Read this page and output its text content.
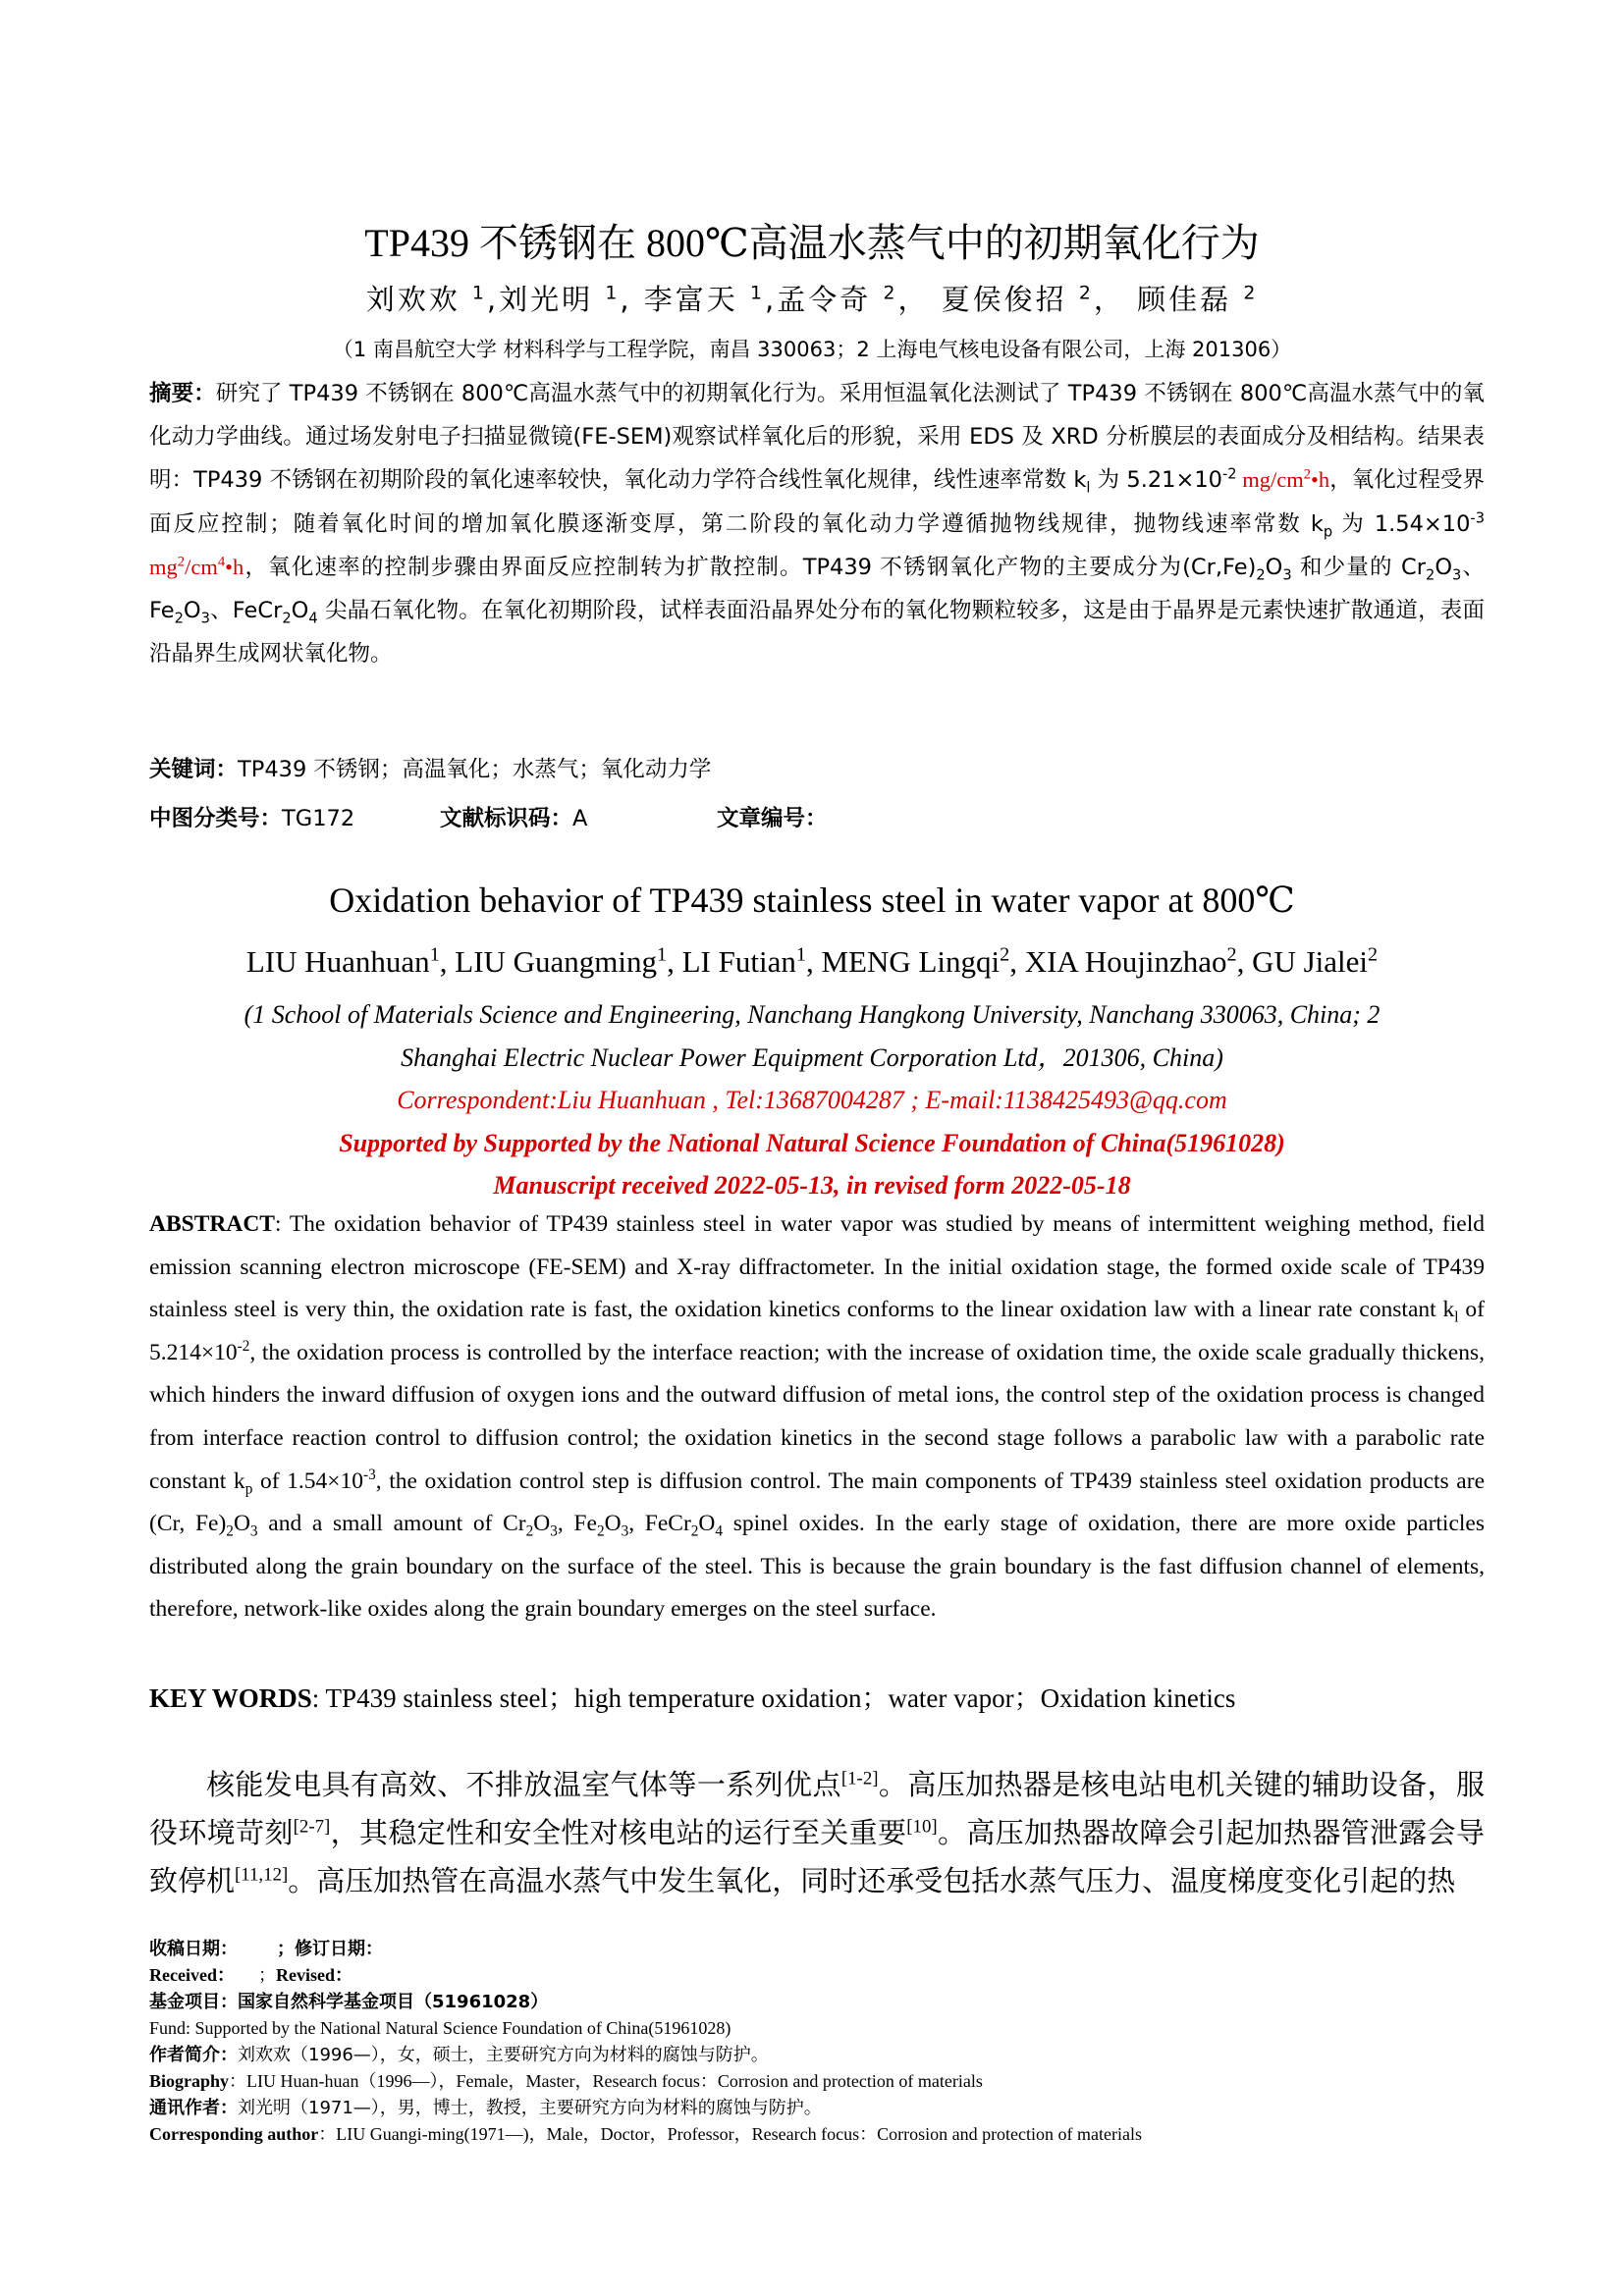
TP439 不锈钢在 800℃高温水蒸气中的初期氧化行为
刘欢欢 $^1$,刘光明 $^1$, 李富天 $^1$,孟令奇 $^2$， 夏侯俊招 $^2$， 顾佳磊 $^2$
（1 南昌航空大学 材料科学与工程学院，南昌 330063；2 上海电气核电设备有限公司，上海 201306）

摘要：研究了 TP439 不锈钢在 800℃高温水蒸气中的初期氧化行为。采用恒温氧化法测试了 TP439 不锈钢在 800℃高温水蒸气中的氧化动力学曲线。通过场发射电子扫描显微镜(FE-SEM)观察试样氧化后的形貌，采用 EDS 及 XRD 分析膜层的表面成分及相结构。结果表明：TP439 不锈钢在初期阶段的氧化速率较快，氧化动力学符合线性氧化规律，线性速率常数 $k_l$ 为 $5.21\times 10^{-2}$ $mg/cm^2•h$，氧化过程受界面反应控制；随着氧化时间的增加氧化膜逐渐变厚，第二阶段的氧化动力学遵循抛物线规律，抛物线速率常数 $k_p$ 为 $1.54\times 10^{-3}$ $mg^2/cm^4•h$，氧化速率的控制步骤由界面反应控制转为扩散控制。TP439 不锈钢氧化产物的主要成分为$(Cr,Fe)_2O_3$ 和少量的 $Cr_2O_3$、$Fe_2O_3$、$FeCr_2O_4$ 尖晶石氧化物。在氧化初期阶段，试样表面沿晶界处分布的氧化物颗粒较多，这是由于晶界是元素快速扩散通道，表面沿晶界生成网状氧化物。

关键词：TP439 不锈钢；高温氧化；水蒸气；氧化动力学

中图分类号：TG172	文献标识码：A	文章编号：

Oxidation behavior of TP439 stainless steel in water vapor at 800℃
LIU Huanhuan$^1$, LIU Guangming$^1$, LI Futian$^1$, MENG Lingqi$^2$, XIA Houjinzhao$^2$, GU Jialei$^2$
(1 School of Materials Science and Engineering, Nanchang Hangkong University, Nanchang 330063, China; 2
Shanghai Electric Nuclear Power Equipment Corporation Ltd，201306, China)
Correspondent:Liu Huanhuan , Tel:13687004287 ; E-mail:1138425493@qq.com
Supported by Supported by the National Natural Science Foundation of China(51961028)
Manuscript received 2022-05-13, in revised form 2022-05-18

ABSTRACT: The oxidation behavior of TP439 stainless steel in water vapor was studied by means of intermittent weighing method, field emission scanning electron microscope (FE-SEM) and X-ray diffractometer. In the initial oxidation stage, the formed oxide scale of TP439 stainless steel is very thin, the oxidation rate is fast, the oxidation kinetics conforms to the linear oxidation law with a linear rate constant $k_l$ of $5.214\times 10^{-2}$, the oxidation process is controlled by the interface reaction; with the increase of oxidation time, the oxide scale gradually thickens, which hinders the inward diffusion of oxygen ions and the outward diffusion of metal ions, the control step of the oxidation process is changed from interface reaction control to diffusion control; the oxidation kinetics in the second stage follows a parabolic law with a parabolic rate constant $k_p$ of $1.54\times 10^{-3}$, the oxidation control step is diffusion control. The main components of TP439 stainless steel oxidation products are (Cr, $Fe)_2O_3$ and a small amount of $Cr_2O_3$, $Fe_2O_3$, $FeCr_2O_4$ spinel oxides. In the early stage of oxidation, there are more oxide particles distributed along the grain boundary on the surface of the steel. This is because the grain boundary is the fast diffusion channel of elements, therefore, network-like oxides along the grain boundary emerges on the steel surface.

KEY WORDS: TP439 stainless steel；high temperature oxidation；water vapor；Oxidation kinetics

核能发电具有高效、不排放温室气体等一系列优点[1-2]。高压加热器是核电站电机关键的辅助设备，服役环境苛刻[2-7]，其稳定性和安全性对核电站的运行至关重要[10]。高压加热器故障会引起加热器管泄露会导致停机[11,12]。高压加热管在高温水蒸气中发生氧化，同时还承受包括水蒸气压力、温度梯度变化引起的热

收稿日期： ；修订日期：
Received： ；Revised：
基金项目：国家自然科学基金项目（51961028）
Fund: Supported by the National Natural Science Foundation of China(51961028)
作者简介：刘欢欢（1996—），女，硕士，主要研究方向为材料的腐蚀与防护。
Biography：LIU Huan-huan（1996—），Female，Master，Research focus：Corrosion and protection of materials
通讯作者：刘光明（1971—），男，博士，教授，主要研究方向为材料的腐蚀与防护。
Corresponding author：LIU Guangi-ming(1971—)，Male，Doctor，Professor，Research focus：Corrosion and protection of materials
